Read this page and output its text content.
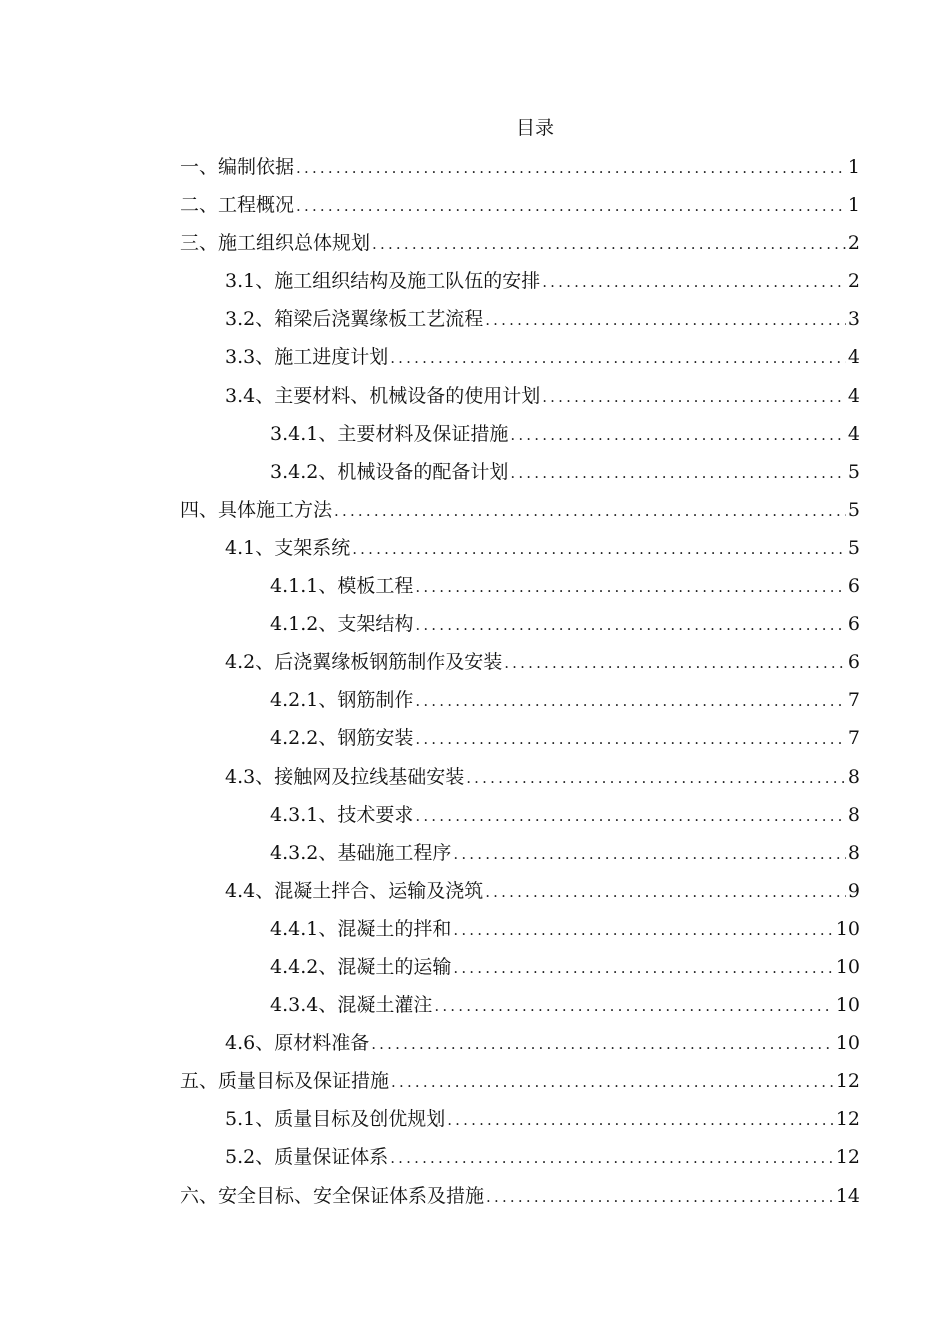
目录
一、编制依据 .....	1
二、工程概况 .....	1
三、施工组织总体规划 .....	2
3.1、施工组织结构及施工队伍的安排 .....	2
3.2、箱梁后浇翼缘板工艺流程 .....	3
3.3、施工进度计划 .....	4
3.4、主要材料、机械设备的使用计划 .....	4
3.4.1、主要材料及保证措施 .....	4
3.4.2、机械设备的配备计划 .....	5
四、具体施工方法 .....	5
4.1、支架系统 .....	5
4.1.1、模板工程 .....	6
4.1.2、支架结构 .....	6
4.2、后浇翼缘板钢筋制作及安装 .....	6
4.2.1、钢筋制作 .....	7
4.2.2、钢筋安装 .....	7
4.3、接触网及拉线基础安装 .....	8
4.3.1、技术要求 .....	8
4.3.2、基础施工程序 .....	8
4.4、混凝土拌合、运输及浇筑 .....	9
4.4.1、混凝土的拌和 .....	10
4.4.2、混凝土的运输 .....	10
4.3.4、混凝土灌注 .....	10
4.6、原材料准备 .....	10
五、质量目标及保证措施 .....	12
5.1、质量目标及创优规划 .....	12
5.2、质量保证体系 .....	12
六、安全目标、安全保证体系及措施 .....	14
